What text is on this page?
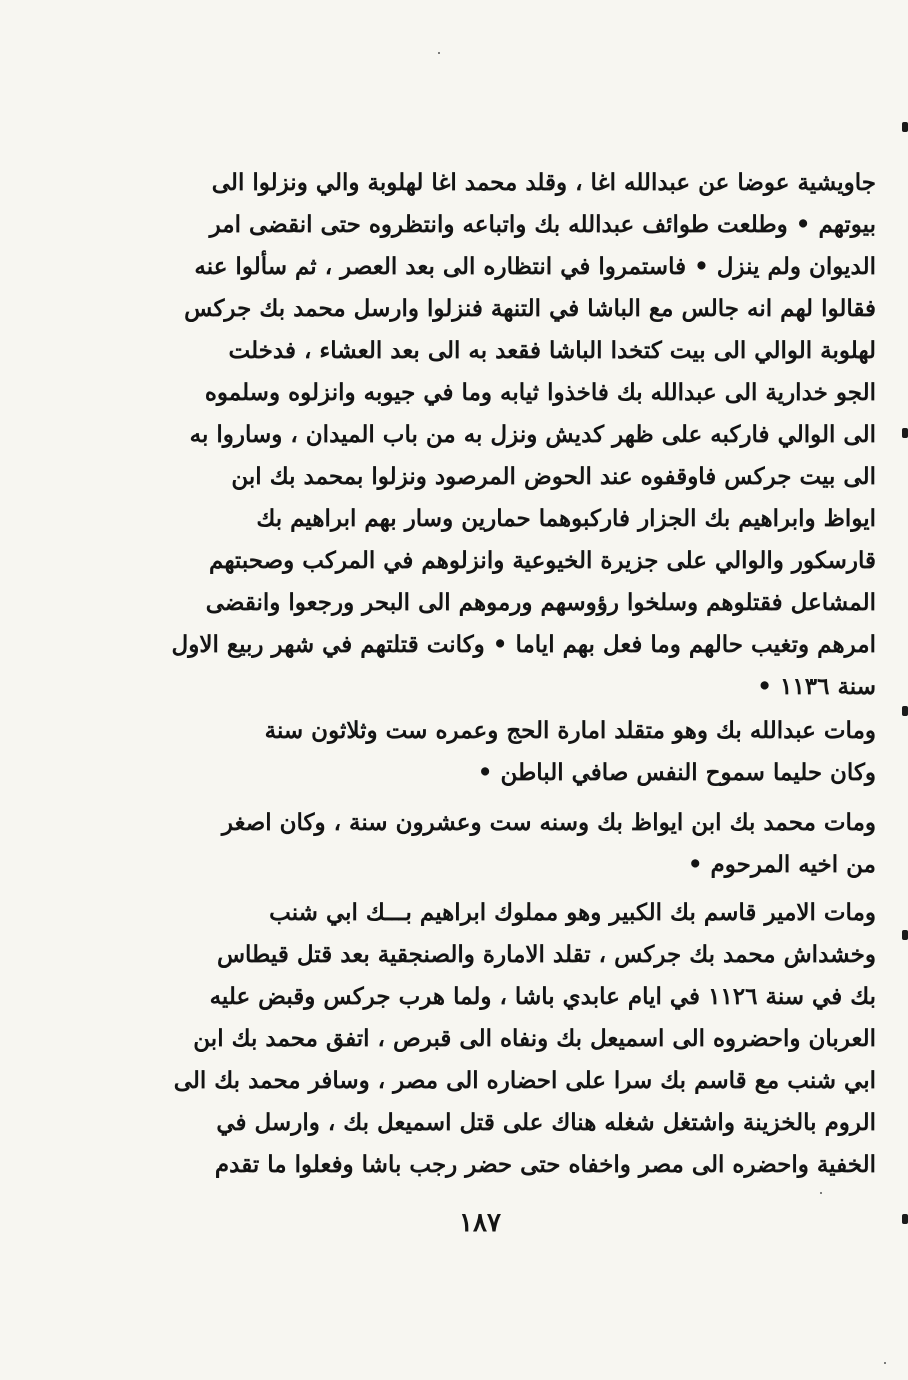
جاويشية عوضا عن عبدالله اغا ، وقلد محمد اغا لهلوبة والي ونزلوا الى
بيوتهم • وطلعت طوائف عبدالله بك واتباعه وانتظروه حتى انقضى امر
الديوان ولم ينزل • فاستمروا في انتظاره الى بعد العصر ، ثم سألوا عنه
فقالوا لهم انه جالس مع الباشا في التنهة فنزلوا وارسل محمد بك جركس
لهلوبة الوالي الى بيت كتخدا الباشا فقعد به الى بعد العشاء ، فدخلت
الجو خدارية الى عبدالله بك فاخذوا ثيابه وما في جيوبه وانزلوه وسلموه
الى الوالي فاركبه على ظهر كديش ونزل به من باب الميدان ، وساروا به
الى بيت جركس فاوقفوه عند الحوض المرصود ونزلوا بمحمد بك ابن
ايواظ وابراهيم بك الجزار فاركبوهما حمارين وسار بهم ابراهيم بك
قارسكور والوالي على جزيرة الخيوعية وانزلوهم في المركب وصحبتهم
المشاعل فقتلوهم وسلخوا رؤوسهم ورموهم الى البحر ورجعوا وانقضى
امرهم وتغيب حالهم وما فعل بهم اياما • وكانت قتلتهم في شهر ربيع الاول
سنة ١١٣٦ •

ومات عبدالله بك وهو متقلد امارة الحج وعمره ست وثلاثون سنة
وكان حليما سموح النفس صافي الباطن •

ومات محمد بك ابن ايواظ بك وسنه ست وعشرون سنة ، وكان اصغر
من اخيه المرحوم •

ومات الامير قاسم بك الكبير وهو مملوك ابراهيم بـــك ابي شنب
وخشداش محمد بك جركس ، تقلد الامارة والصنجقية بعد قتل قيطاس
بك في سنة ١١٢٦ في ايام عابدي باشا ، ولما هرب جركس وقبض عليه
العربان واحضروه الى اسميعل بك ونفاه الى قبرص ، اتفق محمد بك ابن
ابي شنب مع قاسم بك سرا على احضاره الى مصر ، وسافر محمد بك الى
الروم بالخزينة واشتغل شغله هناك على قتل اسميعل بك ، وارسل في
الخفية واحضره الى مصر واخفاه حتى حضر رجب باشا وفعلوا ما تقدم

١٨٧
